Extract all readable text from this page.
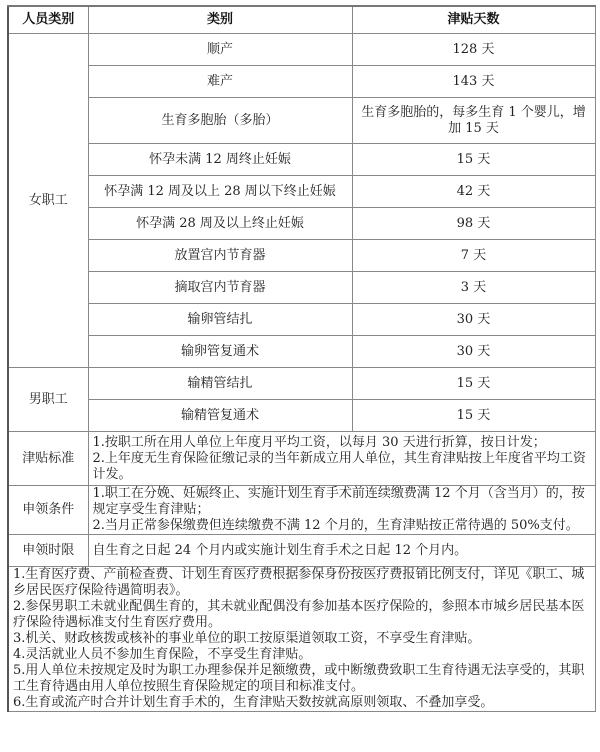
人员类别	类别	津贴天数
女职工	顺产	128 天
	难产	143 天
	生育多胞胎（多胎）	生育多胞胎的，每多生育 1 个婴儿，增加 15 天
	怀孕未满 12 周终止妊娠	15 天
	怀孕满 12 周及以上 28 周以下终止妊娠	42 天
	怀孕满 28 周及以上终止妊娠	98 天
	放置宫内节育器	7 天
	摘取宫内节育器	3 天
	输卵管结扎	30 天
	输卵管复通术	30 天
男职工	输精管结扎	15 天
	输精管复通术	15 天
津贴标准	1.按职工所在用人单位上年度月平均工资，以每月 30 天进行折算，按日计发；
2.上年度无生育保险征缴记录的当年新成立用人单位，其生育津贴按上年度省平均工资计发。	

申领条件	1.职工在分娩、妊娠终止、实施计划生育手术前连续缴费满 12 个月（含当月）的，按规定享受生育津贴；
2.当月正常参保缴费但连续缴费不满 12 个月的，生育津贴按正常待遇的 50%支付。	

申领时限	自生育之日起 24 个月内或实施计划生育手术之日起 12 个月内。	

1.生育医疗费、产前检查费、计划生育医疗费根据参保身份按医疗费报销比例支付，详见《职工、城乡居民医疗保险待遇简明表》。
2.参保男职工未就业配偶生育的，其未就业配偶没有参加基本医疗保险的，参照本市城乡居民基本医疗保险待遇标准支付生育医疗费用。
3.机关、财政核拨或核补的事业单位的职工按原渠道领取工资，不享受生育津贴。
4.灵活就业人员不参加生育保险，不享受生育津贴。
5.用人单位未按规定及时为职工办理参保并足额缴费，或中断缴费致职工生育待遇无法享受的，其职工生育待遇由用人单位按照生育保险规定的项目和标准支付。
6.生育或流产时合并计划生育手术的，生育津贴天数按就高原则领取、不叠加享受。
